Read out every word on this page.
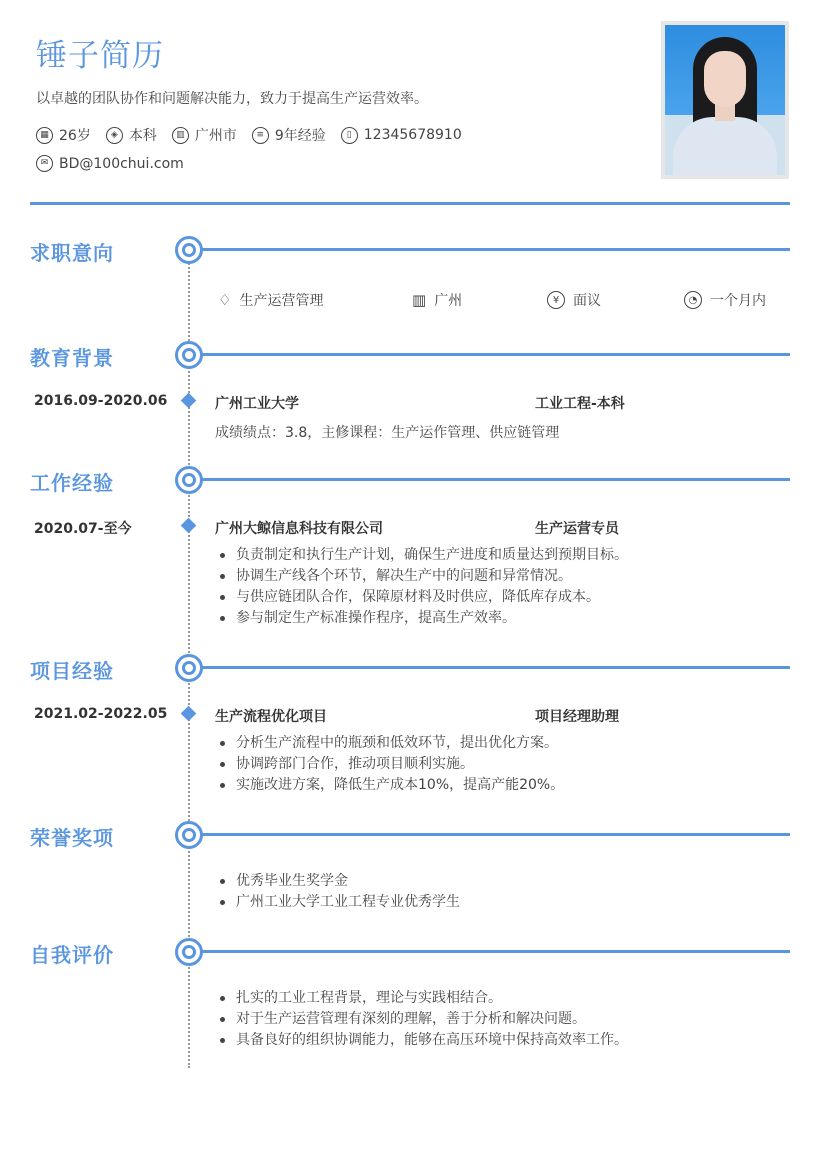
锤子简历
以卓越的团队协作和问题解决能力，致力于提高生产运营效率。
▦ 26岁	◈ 本科	▥ 广州市	≡ 9年经验	▯ 12345678910
✉ BD@100chui.com
求职意向
♢ 生产运营管理	▥ 广州	¥ 面议	◔ 一个月内
教育背景
2016.09-2020.06	广州工业大学	工业工程-本科
成绩绩点：3.8，主修课程：生产运作管理、供应链管理
工作经验
2020.07-至今	广州大鲸信息科技有限公司	生产运营专员
负责制定和执行生产计划，确保生产进度和质量达到预期目标。
协调生产线各个环节，解决生产中的问题和异常情况。
与供应链团队合作，保障原材料及时供应，降低库存成本。
参与制定生产标准操作程序，提高生产效率。
项目经验
2021.02-2022.05	生产流程优化项目	项目经理助理
分析生产流程中的瓶颈和低效环节，提出优化方案。
协调跨部门合作，推动项目顺利实施。
实施改进方案，降低生产成本10%，提高产能20%。
荣誉奖项
优秀毕业生奖学金
广州工业大学工业工程专业优秀学生
自我评价
扎实的工业工程背景，理论与实践相结合。
对于生产运营管理有深刻的理解，善于分析和解决问题。
具备良好的组织协调能力，能够在高压环境中保持高效率工作。
